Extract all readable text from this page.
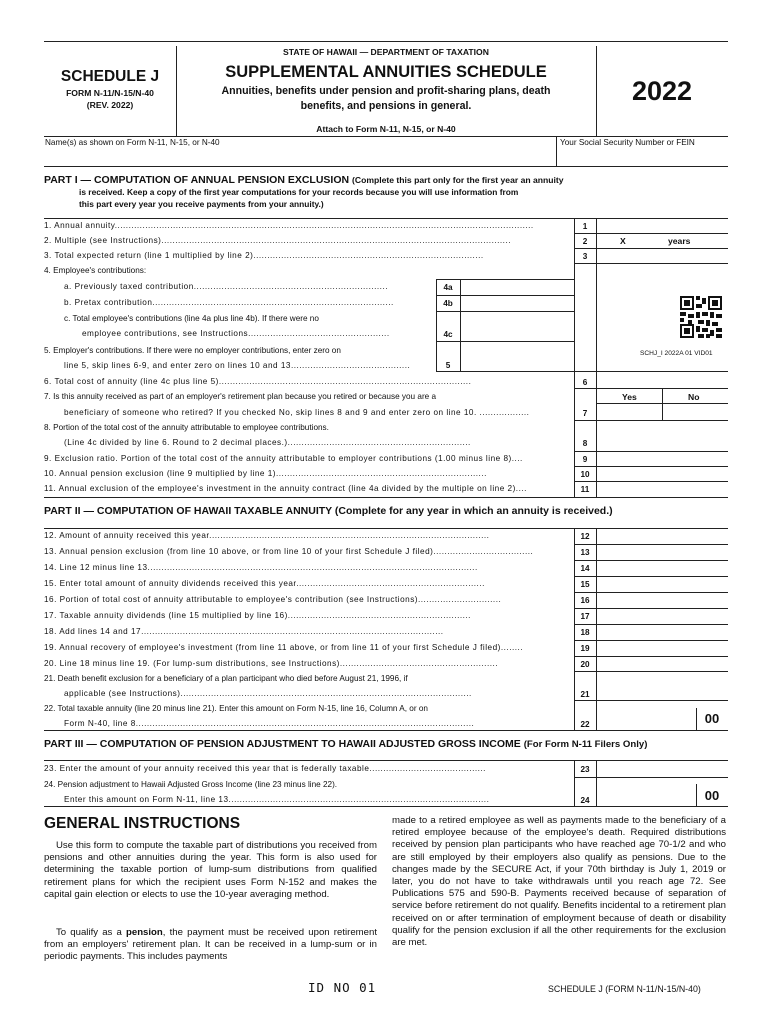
STATE OF HAWAII — DEPARTMENT OF TAXATION
SCHEDULE J
FORM N-11/N-15/N-40
(REV. 2022)
SUPPLEMENTAL ANNUITIES SCHEDULE
Annuities, benefits under pension and profit-sharing plans, death
benefits, and pensions in general.	2022
Attach to Form N-11, N-15, or N-40
Name(s) as shown on Form N-11, N-15, or N-40	Your Social Security Number or FEIN
PART I — COMPUTATION OF ANNUAL PENSION EXCLUSION (Complete this part only for the first year an annuity
is received. Keep a copy of the first year computations for your records because you will use information from
this part every year you receive payments from your annuity.)
1. Annual annuity.......................................................................................................................................................	1
2. Multiple (see Instructions)..............................................................................................................................	2	X	years
3. Total expected return (line 1 multiplied by line 2)...................................................................................	3
4. Employee's contributions:
a. Previously taxed contribution......................................................................	4a
b. Pretax contribution.......................................................................................	4b
c. Total employee's contributions (line 4a plus line 4b). If there were no
employee contributions, see Instructions...................................................	4c
5. Employer's contributions. If there were no employer contributions, enter zero on
line 5, skip lines 6-9, and enter zero on lines 10 and 13...........................................	5
SCHJ_I 2022A 01 VID01
6. Total cost of annuity (line 4c plus line 5)...........................................................................................	6
7. Is this annuity received as part of an employer's retirement plan because you retired or because you are a
beneficiary of someone who retired? If you checked No, skip lines 8 and 9 and enter zero on line 10. ..................	7
Yes	No
8. Portion of the total cost of the annuity attributable to employee contributions.
(Line 4c divided by line 6. Round to 2 decimal places.)..................................................................	8
9. Exclusion ratio. Portion of the total cost of the annuity attributable to employer contributions (1.00 minus line 8)....	9
10. Annual pension exclusion (line 9 multiplied by line 1)............................................................................	10
11. Annual exclusion of the employee's investment in the annuity contract (line 4a divided by the multiple on line 2)....	11
PART II — COMPUTATION OF HAWAII TAXABLE ANNUITY (Complete for any year in which an annuity is received.)
12. Amount of annuity received this year.....................................................................................................	12
13. Annual pension exclusion (from line 10 above, or from line 10 of your first Schedule J filed)....................................	13
14. Line 12 minus line 13.......................................................................................................................	14
15. Enter total amount of annuity dividends received this year....................................................................	15
16. Portion of total cost of annuity attributable to employee's contribution (see Instructions)..............................	16
17. Taxable annuity dividends (line 15 multiplied by line 16)..................................................................	17
18. Add lines 14 and 17.............................................................................................................	18
19. Annual recovery of employee's investment (from line 11 above, or from line 11 of your first Schedule J filed)........	19
20. Line 18 minus line 19. (For lump-sum distributions, see Instructions).........................................................	20
21. Death benefit exclusion for a beneficiary of a plan participant who died before August 21, 1996, if
applicable (see Instructions).........................................................................................................	21
22. Total taxable annuity (line 20 minus line 21). Enter this amount on Form N-15, line 16, Column A, or on
Form N-40, line 8..........................................................................................................................	22	00
PART III — COMPUTATION OF PENSION ADJUSTMENT TO HAWAII ADJUSTED GROSS INCOME (For Form N-11 Filers Only)
23. Enter the amount of your annuity received this year that is federally taxable..........................................	23
24. Pension adjustment to Hawaii Adjusted Gross Income (line 23 minus line 22).
Enter this amount on Form N-11, line 13..............................................................................................	24	00
GENERAL INSTRUCTIONS
Use this form to compute the taxable part of distributions you received from pensions and other annuities during the year. This form is also used for determining the taxable portion of lump-sum distributions from qualified retirement plans for which the recipient uses Form N-152 and makes the capital gain election or elects to use the 10-year averaging method.
To qualify as a pension, the payment must be received upon retirement from an employers' retirement plan. It can be received in a lump-sum or in periodic payments. This includes payments
made to a retired employee as well as payments made to the beneficiary of a retired employee because of the employee's death. Required distributions received by pension plan participants who have reached age 70-1/2 and who are still employed by their employers also qualify as pensions. Due to the changes made by the SECURE Act, if your 70th birthday is July 1, 2019 or later, you do not have to take withdrawals until you reach age 72. See Publications 575 and 590-B. Payments received because of separation of service before retirement do not qualify. Benefits incidental to a retirement plan received on or after termination of employment because of death or disability qualify for the pension exclusion if all the other requirements for the exclusion are met.
ID NO 01	SCHEDULE J (FORM N-11/N-15/N-40)
